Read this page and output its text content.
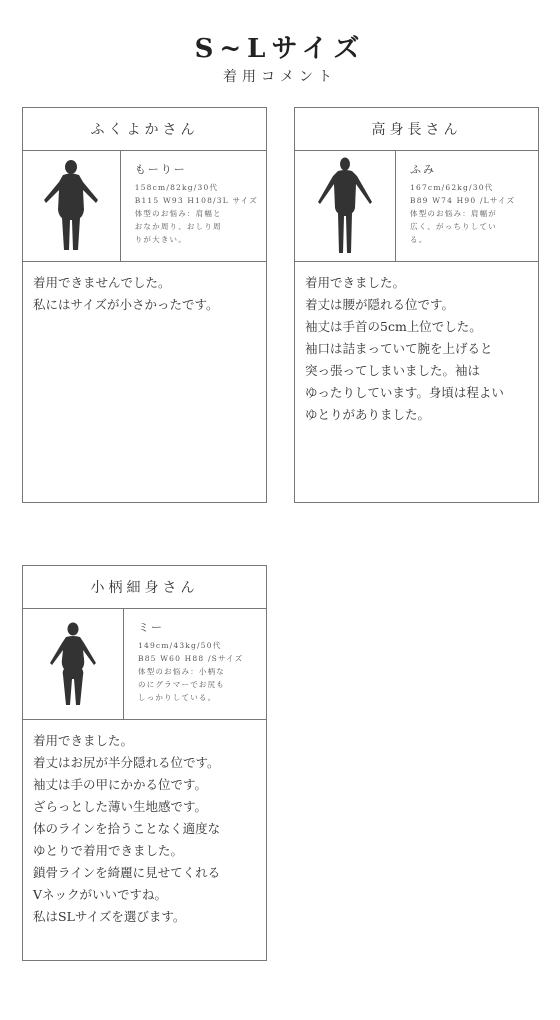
S~Lサイズ
着用コメント
ふくよかさん
もーりー
158cm/82kg/30代
B115 W93 H108/3L サイズ
体型のお悩み：肩幅と
おなか周り、おしり周
りが大きい。
着用できませんでした。
私にはサイズが小さかったです。
高身長さん
ふみ
167cm/62kg/30代
B89 W74 H90 /Lサイズ
体型のお悩み：肩幅が
広く、がっちりしてい
る。
着用できました。
着丈は腰が隠れる位です。
袖丈は手首の5cm上位でした。
袖口は詰まっていて腕を上げると
突っ張ってしまいました。袖は
ゆったりしています。身頃は程よい
ゆとりがありました。
小柄細身さん
ミー
149cm/43kg/50代
B85 W60 H88 /Sサイズ
体型のお悩み：小柄な
のにグラマーでお尻も
しっかりしている。
着用できました。
着丈はお尻が半分隠れる位です。
袖丈は手の甲にかかる位です。
ざらっとした薄い生地感です。
体のラインを拾うことなく適度な
ゆとりで着用できました。
鎖骨ラインを綺麗に見せてくれる
Vネックがいいですね。
私はSLサイズを選びます。
